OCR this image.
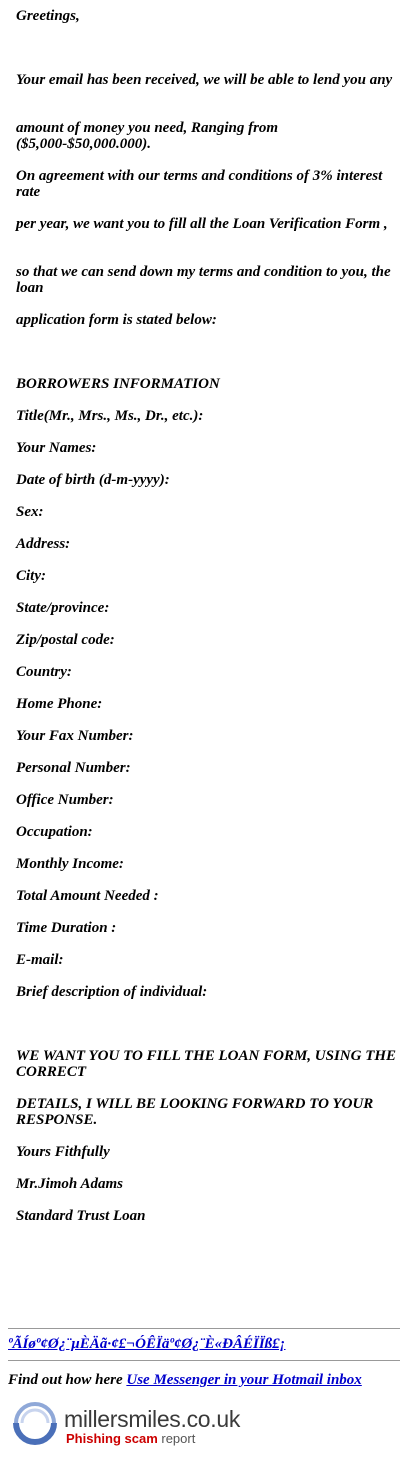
Greetings,
Your email has been received, we will be able to lend you any
amount of money you need, Ranging from ($5,000-$50,000.000).
On agreement with our terms and conditions of 3% interest rate
per year, we want you to fill all the Loan Verification Form ,
so that we can send down my terms and condition to you, the loan
application form is stated below:
BORROWERS INFORMATION
Title(Mr., Mrs., Ms., Dr., etc.):
Your Names:
Date of birth (d-m-yyyy):
Sex:
Address:
City:
State/province:
Zip/postal code:
Country:
Home Phone:
Your Fax Number:
Personal Number:
Office Number:
Occupation:
Monthly Income:
Total Amount Needed :
Time Duration :
E-mail:
Brief description of individual:
WE WANT YOU TO FILL THE LOAN FORM, USING THE CORRECT
DETAILS, I WILL BE LOOKING FORWARD TO YOUR RESPONSE.
Yours Fithfully
Mr.Jimoh Adams
Standard Trust Loan
ºÃÍøº¢Ø¿¨µÈÄã·¢£¬ÓÊÏäº¢Ø¿¨È«ÐÂÉÏÏß£¡
Find out how here Use Messenger in your Hotmail inbox
millersmiles.co.uk
Phishing scam report
